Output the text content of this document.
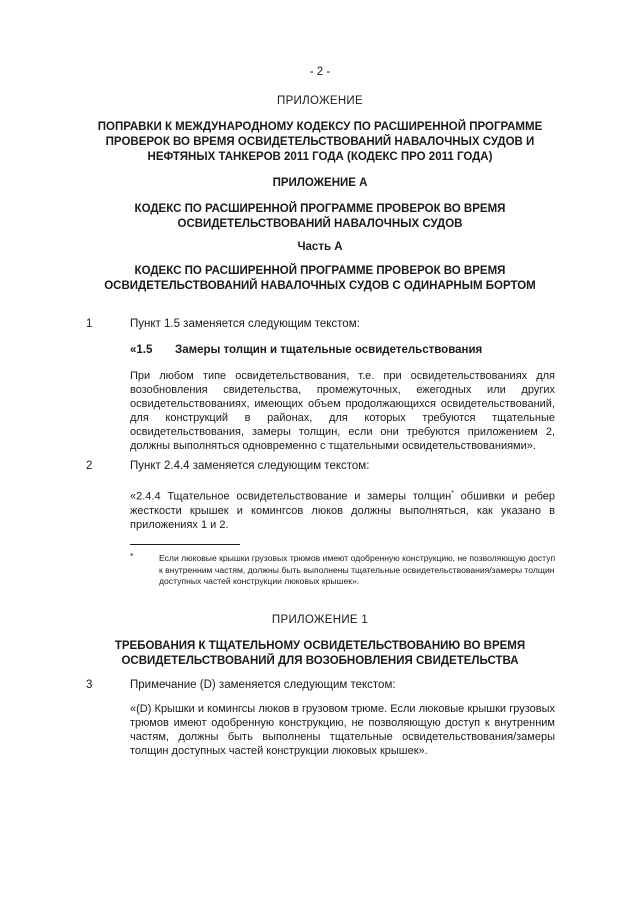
- 2 -
ПРИЛОЖЕНИЕ
ПОПРАВКИ К МЕЖДУНАРОДНОМУ КОДЕКСУ ПО РАСШИРЕННОЙ ПРОГРАММЕ
ПРОВЕРОК ВО ВРЕМЯ ОСВИДЕТЕЛЬСТВОВАНИЙ НАВАЛОЧНЫХ СУДОВ И
НЕФТЯНЫХ ТАНКЕРОВ 2011 ГОДА (КОДЕКС ПРО 2011 ГОДА)
ПРИЛОЖЕНИЕ А
КОДЕКС ПО РАСШИРЕННОЙ ПРОГРАММЕ ПРОВЕРОК ВО ВРЕМЯ
ОСВИДЕТЕЛЬСТВОВАНИЙ НАВАЛОЧНЫХ СУДОВ
Часть А
КОДЕКС ПО РАСШИРЕННОЙ ПРОГРАММЕ ПРОВЕРОК ВО ВРЕМЯ
ОСВИДЕТЕЛЬСТВОВАНИЙ НАВАЛОЧНЫХ СУДОВ С ОДИНАРНЫМ БОРТОМ
1	Пункт 1.5 заменяется следующим текстом:
«1.5 Замеры толщин и тщательные освидетельствования
При любом типе освидетельствования, т.е. при освидетельствованиях для возобновления свидетельства, промежуточных, ежегодных или других освидетельствованиях, имеющих объем продолжающихся освидетельствований, для конструкций в районах, для которых требуются тщательные освидетельствования, замеры толщин, если они требуются приложением 2, должны выполняться одновременно с тщательными освидетельствованиями».
2	Пункт 2.4.4 заменяется следующим текстом:
«2.4.4 Тщательное освидетельствование и замеры толщин* обшивки и ребер жесткости крышек и комингсов люков должны выполняться, как указано в приложениях 1 и 2.
*	Если люковые крышки грузовых трюмов имеют одобренную конструкцию, не позволяющую доступ к внутренним частям, должны быть выполнены тщательные освидетельствования/замеры толщин доступных частей конструкции люковых крышек».
ПРИЛОЖЕНИЕ 1
ТРЕБОВАНИЯ К ТЩАТЕЛЬНОМУ ОСВИДЕТЕЛЬСТВОВАНИЮ ВО ВРЕМЯ
ОСВИДЕТЕЛЬСТВОВАНИЙ ДЛЯ ВОЗОБНОВЛЕНИЯ СВИДЕТЕЛЬСТВА
3	Примечание (D) заменяется следующим текстом:
«(D) Крышки и комингсы люков в грузовом трюме. Если люковые крышки грузовых трюмов имеют одобренную конструкцию, не позволяющую доступ к внутренним частям, должны быть выполнены тщательные освидетельствования/замеры толщин доступных частей конструкции люковых крышек».
